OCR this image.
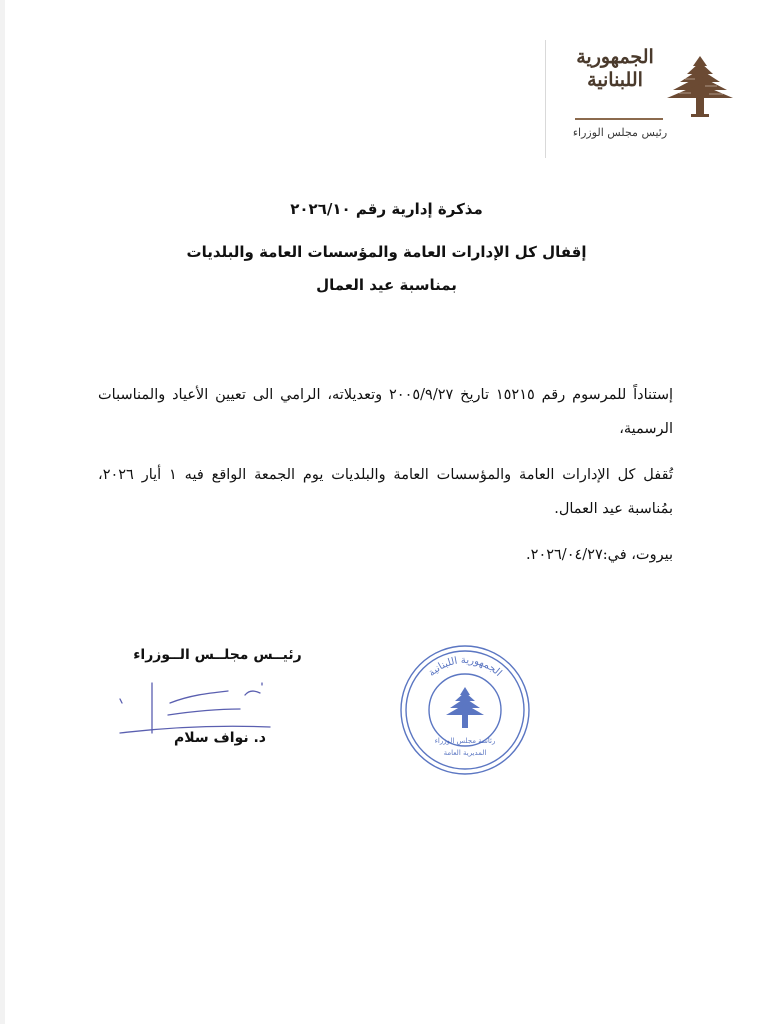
الجمهورية
اللبنانية
رئيس مجلس الوزراء
مذكرة إدارية رقم ٢٠٢٦/١٠
إقفال كل الإدارات العامة والمؤسسات العامة والبلديات
بمناسبة عيد العمال
إستناداً للمرسوم رقم ١٥٢١٥ تاريخ ٢٠٠٥/٩/٢٧ وتعديلاته، الرامي الى تعيين الأعياد والمناسبات الرسمية،
تُقفل كل الإدارات العامة والمؤسسات العامة والبلديات يوم الجمعة الواقع فيه ١ أيار ٢٠٢٦، بمُناسبة عيد العمال.
بيروت، في:٢٠٢٦/٠٤/٢٧.
رئيــس مجلــس الــوزراء
د. نواف سلام
الجمهورية اللبنانية
رئاسة مجلس الوزراء
المديرية العامة
